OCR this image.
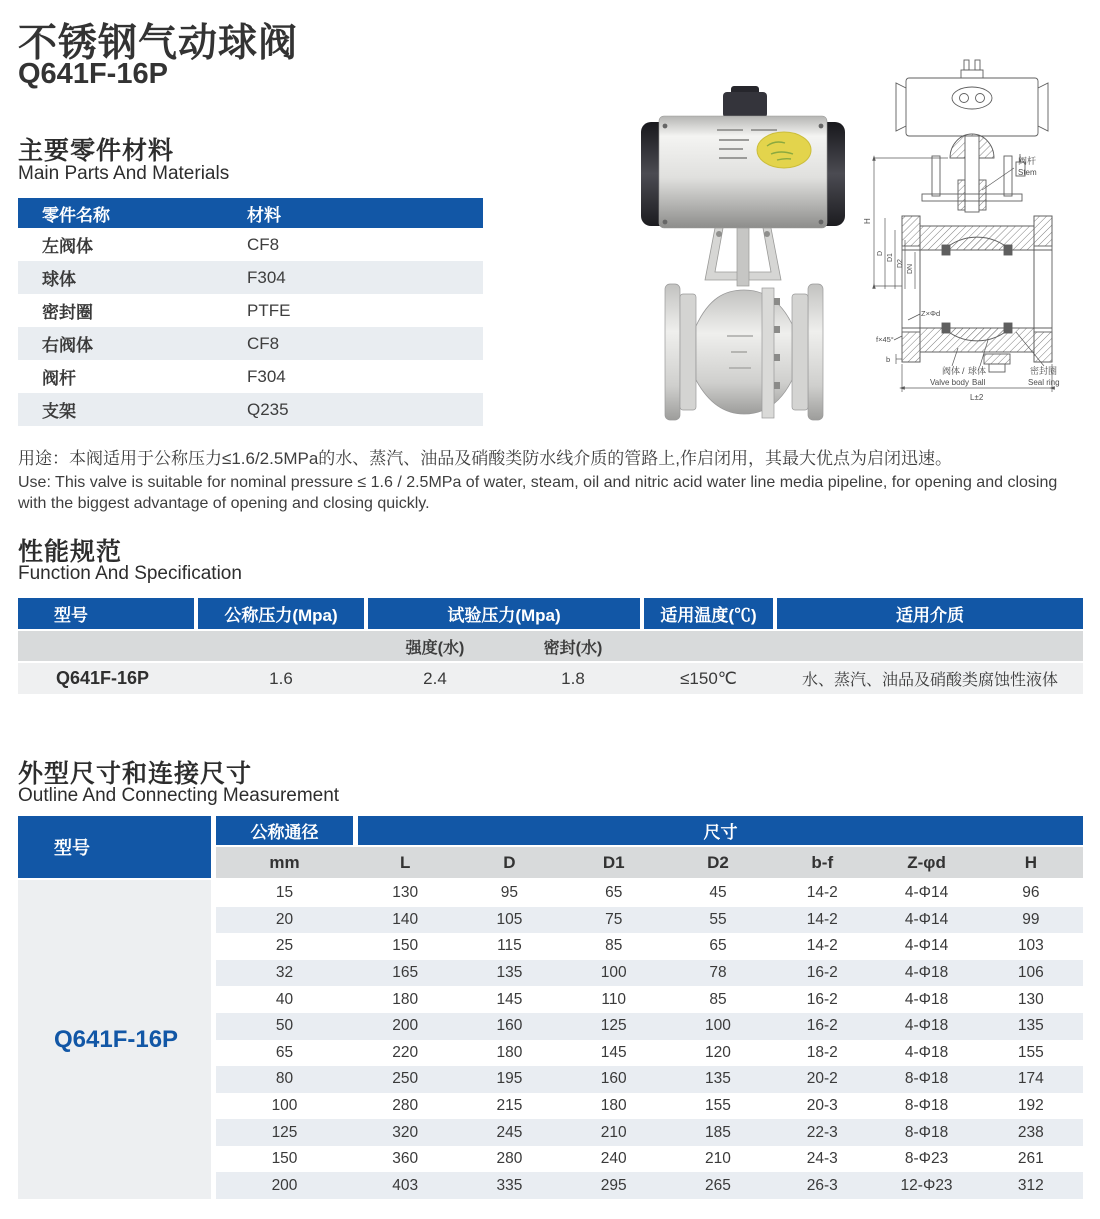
不锈钢气动球阀
Q641F-16P
主要零件材料
Main Parts And Materials
零件名称	材料
左阀体	CF8
球体	F304
密封圈	PTFE
右阀体	CF8
阀杆	F304
支架	Q235
阀杆
Stem
H
D D1
D2
DN
Z×Φd
f×45°
b
阀体 / 球体
Valve body Ball
密封圈
Seal ring
L±2
用途：本阀适用于公称压力≤1.6/2.5MPa的水、蒸汽、油品及硝酸类防水线介质的管路上,作启闭用，其最大优点为启闭迅速。
Use: This valve is suitable for nominal pressure ≤ 1.6 / 2.5MPa of water, steam, oil and nitric acid water line media pipeline, for opening and closing with the biggest advantage of opening and closing quickly.
性能规范
Function And Specification
型号	公称压力(Mpa)	试验压力(Mpa)	适用温度(℃)	适用介质
强度(水)	密封(水)
Q641F-16P	1.6	2.4	1.8	≤150℃	水、蒸汽、油品及硝酸类腐蚀性液体
外型尺寸和连接尺寸
Outline And Connecting Measurement
型号
Q641F-16P
公称通径	尺寸
mm	L	D	D1	D2	b-f	Z-φd	H
15	130	95	65	45	14-2	4-Φ14	96
20	140	105	75	55	14-2	4-Φ14	99
25	150	115	85	65	14-2	4-Φ14	103
32	165	135	100	78	16-2	4-Φ18	106
40	180	145	110	85	16-2	4-Φ18	130
50	200	160	125	100	16-2	4-Φ18	135
65	220	180	145	120	18-2	4-Φ18	155
80	250	195	160	135	20-2	8-Φ18	174
100	280	215	180	155	20-3	8-Φ18	192
125	320	245	210	185	22-3	8-Φ18	238
150	360	280	240	210	24-3	8-Φ23	261
200	403	335	295	265	26-3	12-Φ23	312
